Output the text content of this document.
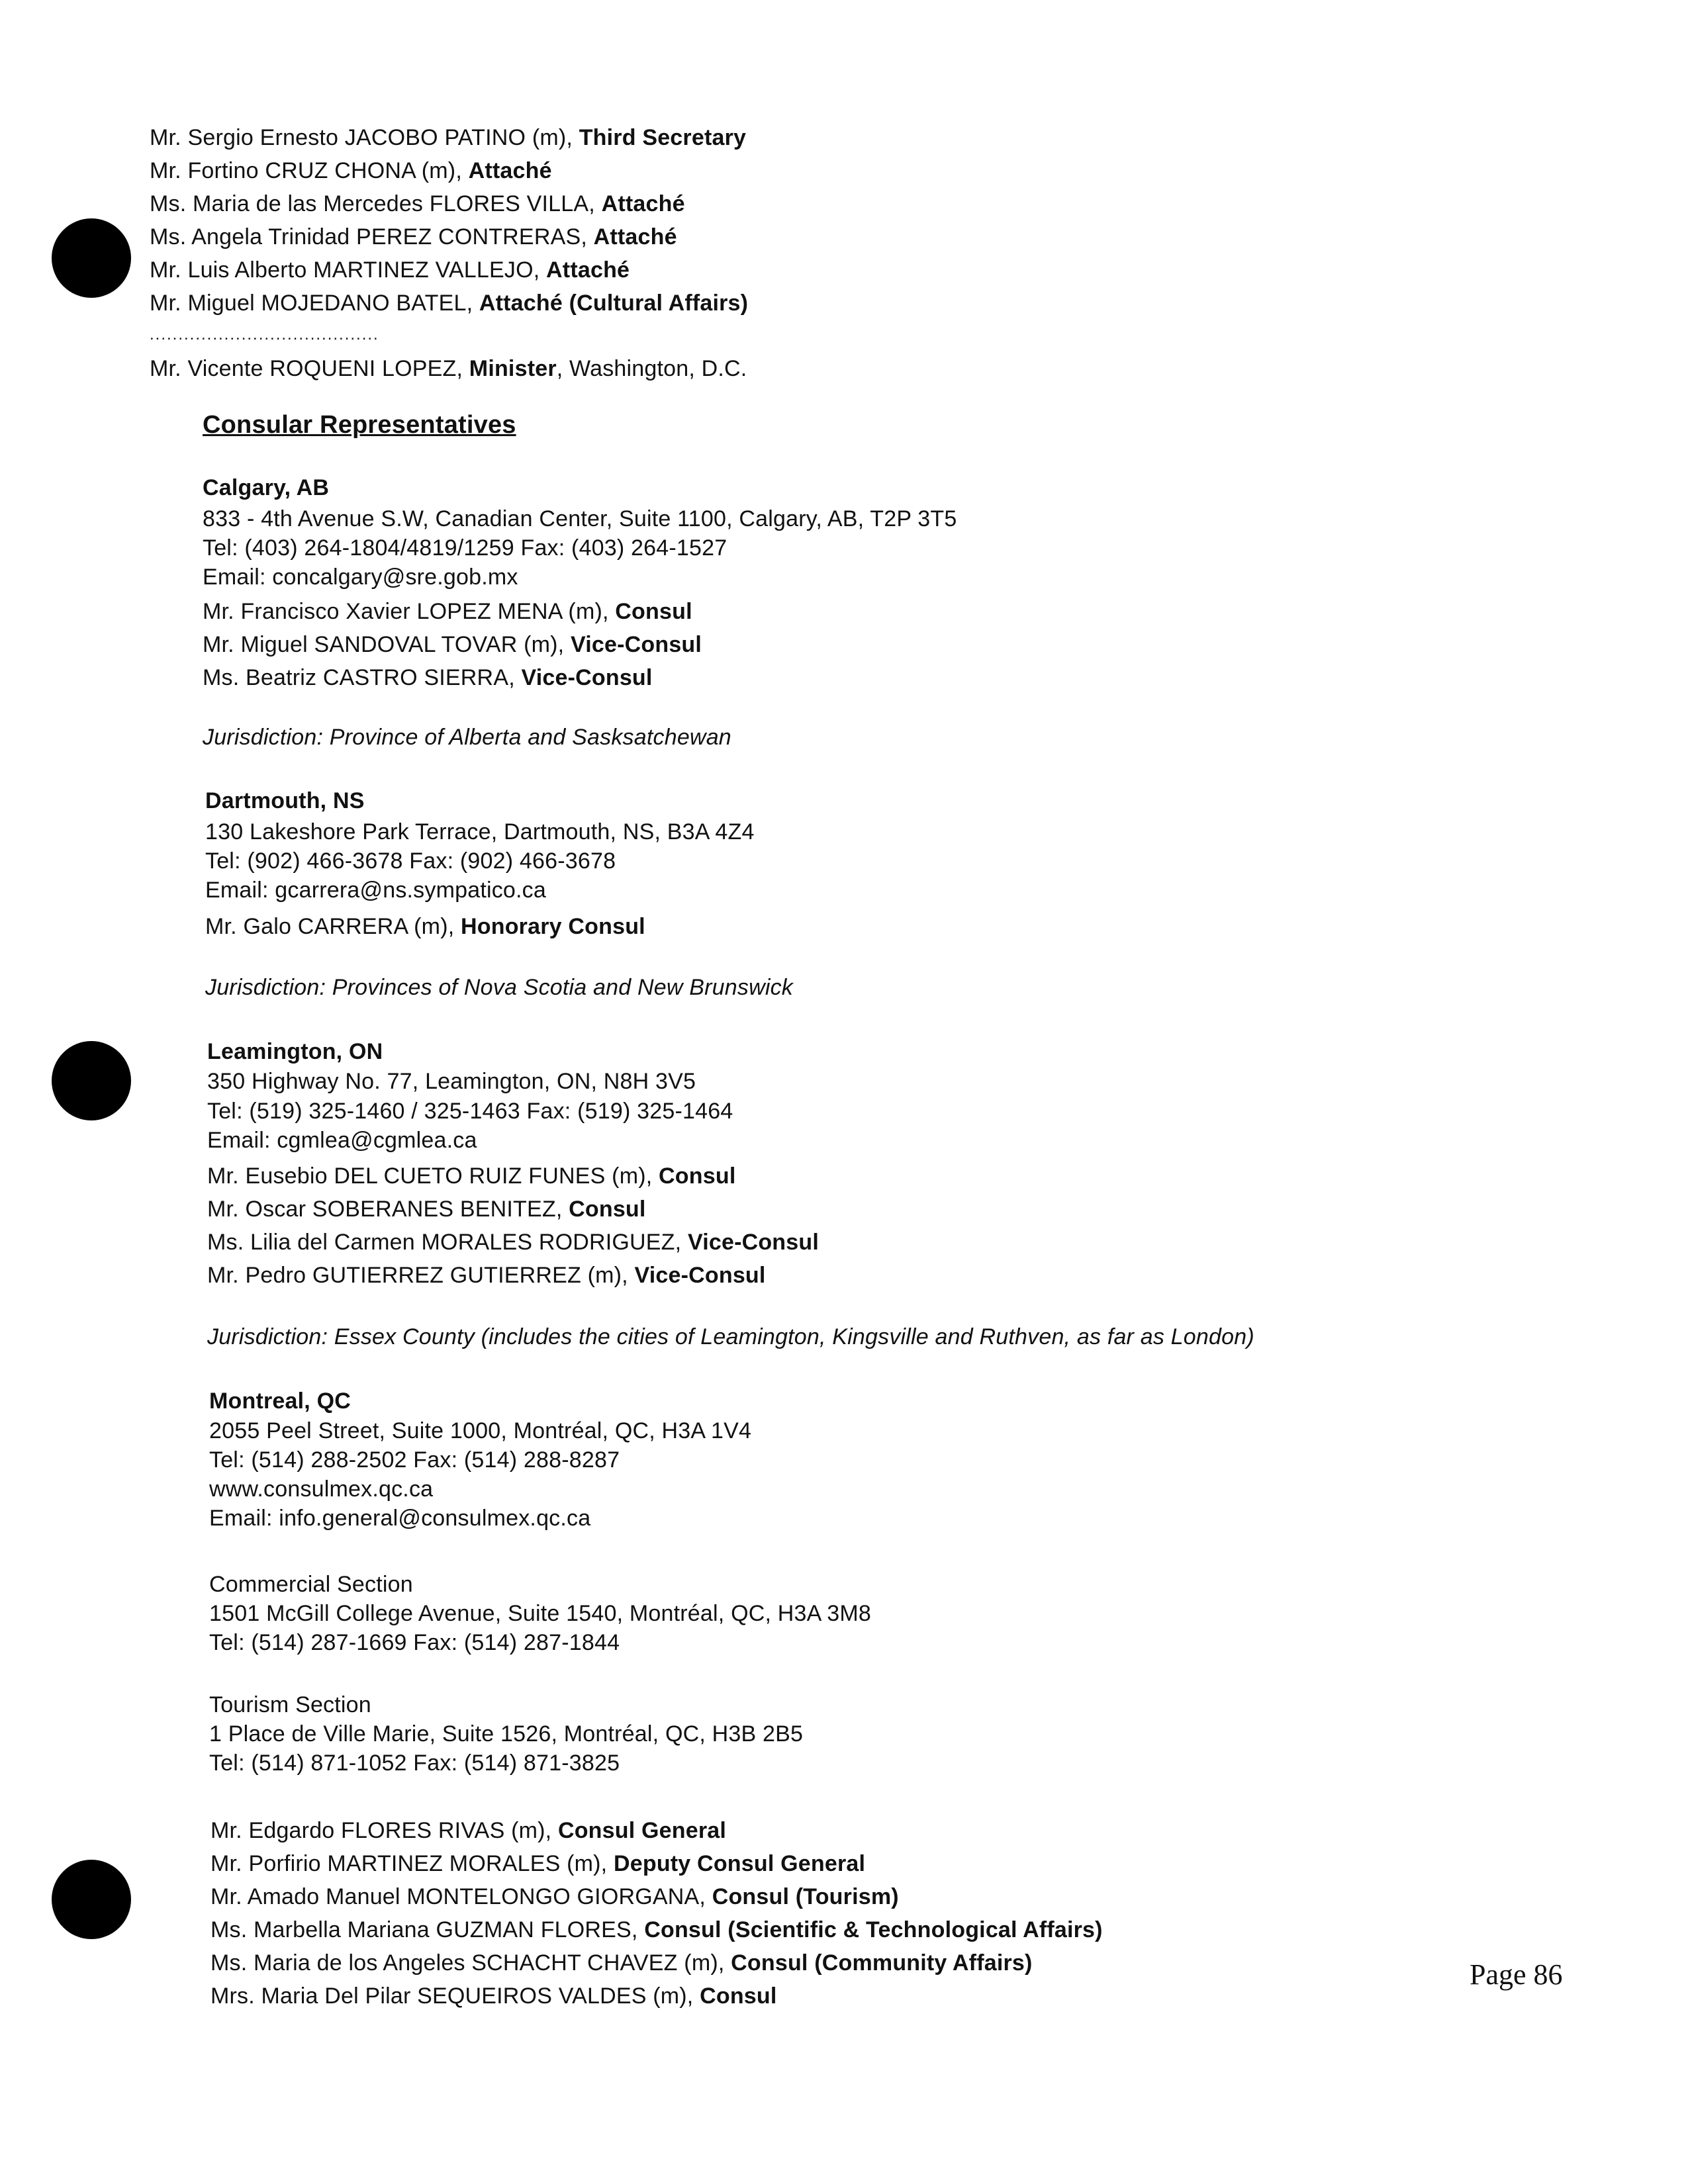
Mr. Sergio Ernesto JACOBO PATINO (m), Third Secretary
Mr. Fortino CRUZ CHONA (m), Attaché
Ms. Maria de las Mercedes FLORES VILLA, Attaché
Ms. Angela Trinidad PEREZ CONTRERAS, Attaché
Mr. Luis Alberto MARTINEZ VALLEJO, Attaché
Mr. Miguel MOJEDANO BATEL, Attaché (Cultural Affairs)
........................................
Mr. Vicente ROQUENI LOPEZ, Minister, Washington, D.C.
Consular Representatives
Calgary, AB
833 - 4th Avenue S.W, Canadian Center, Suite 1100, Calgary, AB, T2P 3T5
Tel: (403) 264-1804/4819/1259 Fax: (403) 264-1527
Email: concalgary@sre.gob.mx
Mr. Francisco Xavier LOPEZ MENA (m), Consul
Mr. Miguel SANDOVAL TOVAR (m), Vice-Consul
Ms. Beatriz CASTRO SIERRA, Vice-Consul
Jurisdiction: Province of Alberta and Sasksatchewan
Dartmouth, NS
130 Lakeshore Park Terrace, Dartmouth, NS, B3A 4Z4
Tel: (902) 466-3678 Fax: (902) 466-3678
Email: gcarrera@ns.sympatico.ca
Mr. Galo CARRERA (m), Honorary Consul
Jurisdiction: Provinces of Nova Scotia and New Brunswick
Leamington, ON
350 Highway No. 77, Leamington, ON, N8H 3V5
Tel: (519) 325-1460 / 325-1463 Fax: (519) 325-1464
Email: cgmlea@cgmlea.ca
Mr. Eusebio DEL CUETO RUIZ FUNES (m), Consul
Mr. Oscar SOBERANES BENITEZ, Consul
Ms. Lilia del Carmen MORALES RODRIGUEZ, Vice-Consul
Mr. Pedro GUTIERREZ GUTIERREZ (m), Vice-Consul
Jurisdiction: Essex County (includes the cities of Leamington, Kingsville and Ruthven, as far as London)
Montreal, QC
2055 Peel Street, Suite 1000, Montréal, QC, H3A 1V4
Tel: (514) 288-2502 Fax: (514) 288-8287
www.consulmex.qc.ca
Email: info.general@consulmex.qc.ca
Commercial Section
1501 McGill College Avenue, Suite 1540, Montréal, QC, H3A 3M8
Tel: (514) 287-1669 Fax: (514) 287-1844
Tourism Section
1 Place de Ville Marie, Suite 1526, Montréal, QC, H3B 2B5
Tel: (514) 871-1052 Fax: (514) 871-3825
Mr. Edgardo FLORES RIVAS (m), Consul General
Mr. Porfirio MARTINEZ MORALES (m), Deputy Consul General
Mr. Amado Manuel MONTELONGO GIORGANA, Consul (Tourism)
Ms. Marbella Mariana GUZMAN FLORES, Consul (Scientific & Technological Affairs)
Ms. Maria de los Angeles SCHACHT CHAVEZ (m), Consul (Community Affairs)
Mrs. Maria Del Pilar SEQUEIROS VALDES (m), Consul
Page 86
